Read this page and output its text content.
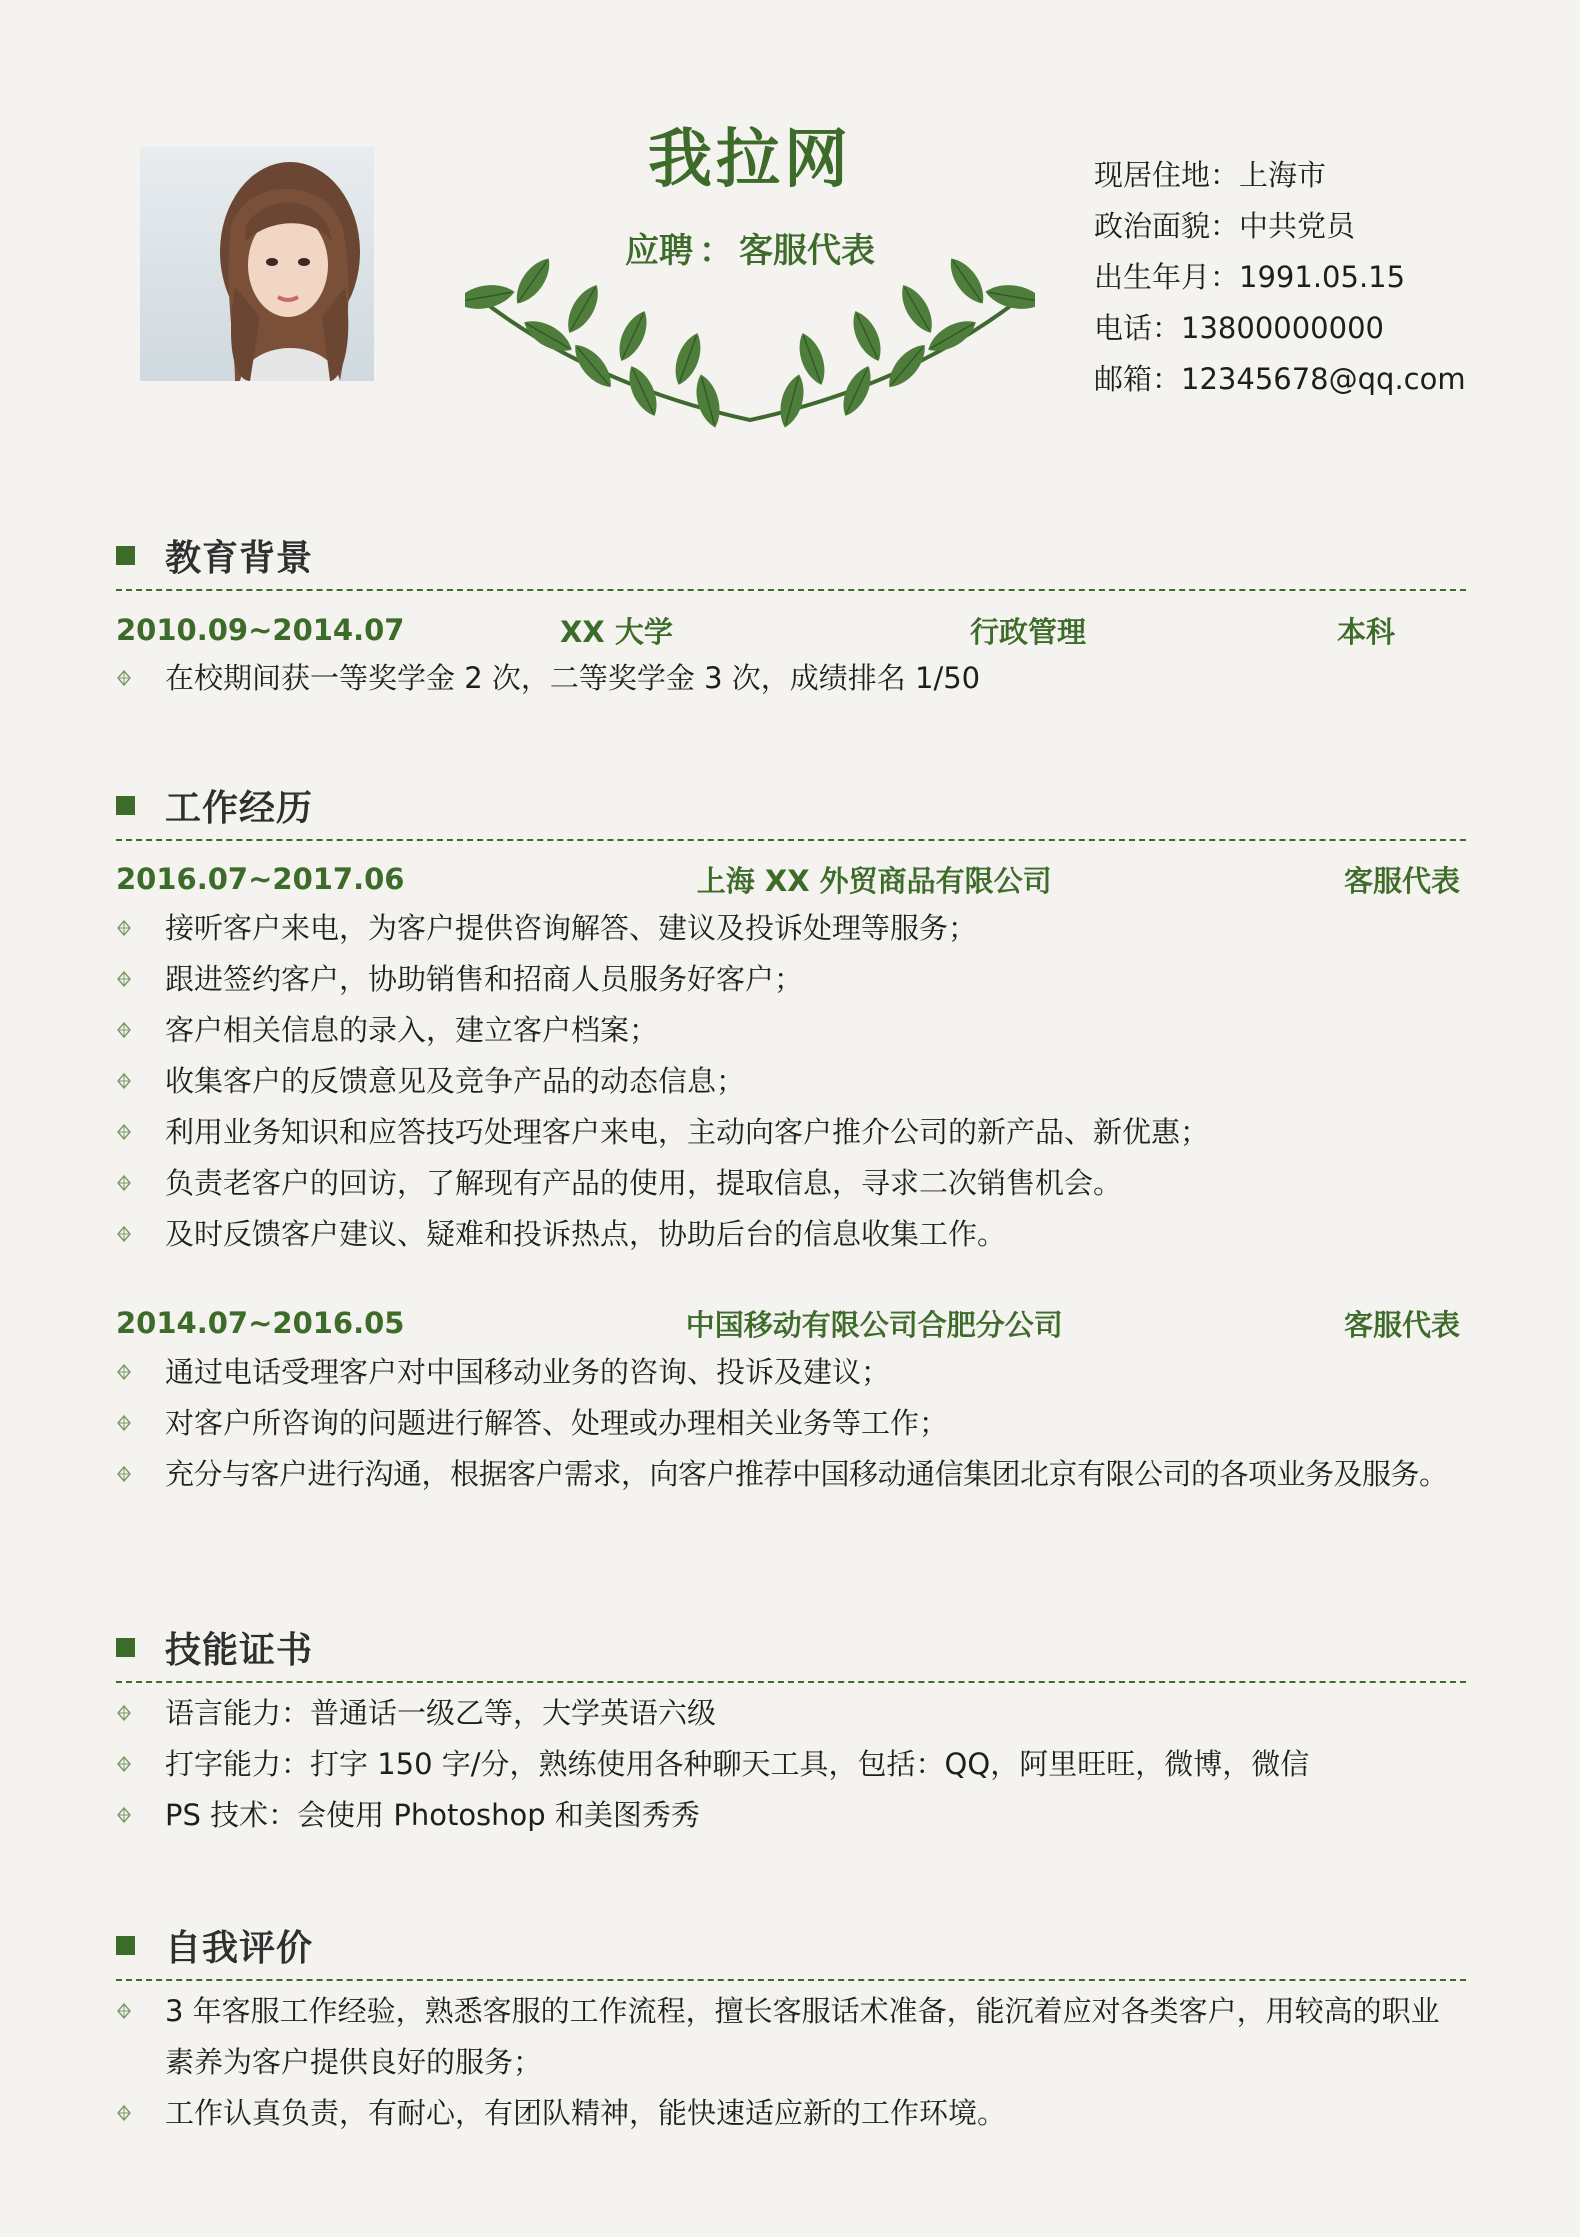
我拉网
应聘 ： 客服代表
现居住地：上海市
政治面貌：中共党员
出生年月：1991.05.15
电话：13800000000
邮箱：12345678@qq.com
教育背景
2010.09~2014.07	XX 大学	行政管理	本科
在校期间获一等奖学金 2 次，二等奖学金 3 次，成绩排名 1/50
工作经历
2016.07~2017.06	上海 XX 外贸商品有限公司	客服代表
接听客户来电，为客户提供咨询解答、建议及投诉处理等服务；
跟进签约客户，协助销售和招商人员服务好客户；
客户相关信息的录入，建立客户档案；
收集客户的反馈意见及竞争产品的动态信息；
利用业务知识和应答技巧处理客户来电，主动向客户推介公司的新产品、新优惠；
负责老客户的回访，了解现有产品的使用，提取信息，寻求二次销售机会。
及时反馈客户建议、疑难和投诉热点，协助后台的信息收集工作。
2014.07~2016.05	中国移动有限公司合肥分公司	客服代表
通过电话受理客户对中国移动业务的咨询、投诉及建议；
对客户所咨询的问题进行解答、处理或办理相关业务等工作；
充分与客户进行沟通，根据客户需求，向客户推荐中国移动通信集团北京有限公司的各项业务及服务。
技能证书
语言能力：普通话一级乙等，大学英语六级
打字能力：打字 150 字/分，熟练使用各种聊天工具，包括：QQ，阿里旺旺，微博，微信
PS 技术：会使用 Photoshop 和美图秀秀
自我评价
3 年客服工作经验，熟悉客服的工作流程，擅长客服话术准备，能沉着应对各类客户，用较高的职业素养为客户提供良好的服务；
工作认真负责，有耐心，有团队精神，能快速适应新的工作环境。
